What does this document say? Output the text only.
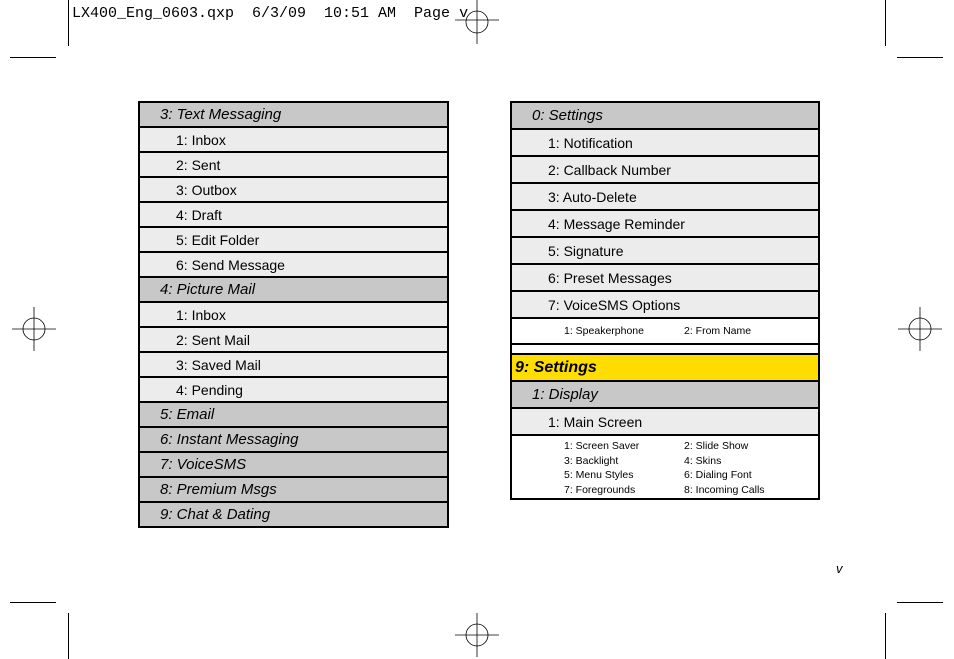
LX400_Eng_0603.qxp  6/3/09  10:51 AM  Page v
3: Text Messaging
1: Inbox
2: Sent
3: Outbox
4: Draft
5: Edit Folder
6: Send Message
4: Picture Mail
1: Inbox
2: Sent Mail
3: Saved Mail
4: Pending
5: Email
6: Instant Messaging
7: VoiceSMS
8: Premium Msgs
9: Chat & Dating
0: Settings
1: Notification
2: Callback Number
3: Auto-Delete
4: Message Reminder
5: Signature
6: Preset Messages
7: VoiceSMS Options
1: Speakerphone	2: From Name
9: Settings
1: Display
1: Main Screen
1: Screen Saver	2: Slide Show
3: Backlight	4: Skins
5: Menu Styles	6: Dialing Font
7: Foregrounds	8: Incoming Calls
v
